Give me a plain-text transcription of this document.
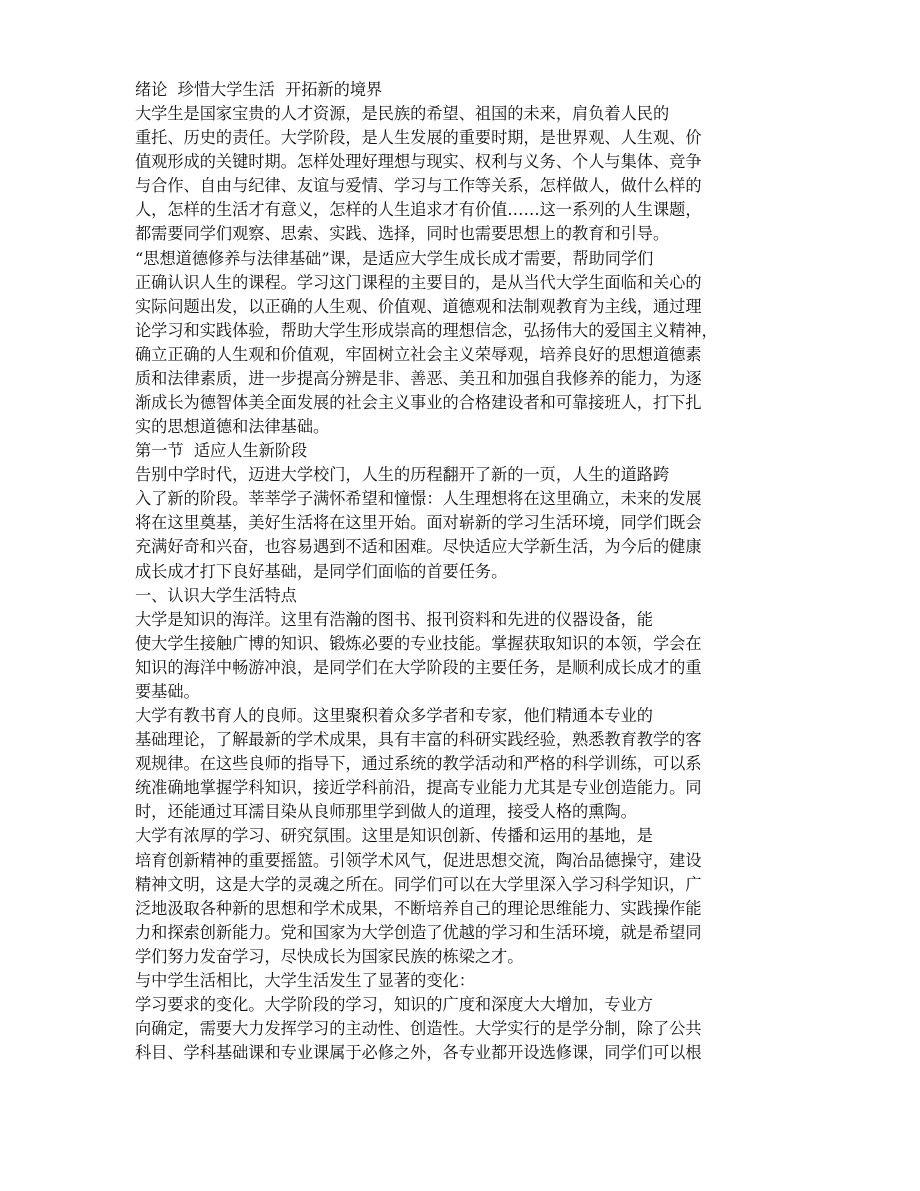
绪论  珍惜大学生活  开拓新的境界
大学生是国家宝贵的人才资源，是民族的希望、祖国的未来，肩负着人民的
重托、历史的责任。大学阶段，是人生发展的重要时期，是世界观、人生观、价
值观形成的关键时期。怎样处理好理想与现实、权利与义务、个人与集体、竞争
与合作、自由与纪律、友谊与爱情、学习与工作等关系，怎样做人，做什么样的
人，怎样的生活才有意义，怎样的人生追求才有价值……这一系列的人生课题，
都需要同学们观察、思索、实践、选择，同时也需要思想上的教育和引导。
“思想道德修养与法律基础”课，是适应大学生成长成才需要，帮助同学们
正确认识人生的课程。学习这门课程的主要目的，是从当代大学生面临和关心的
实际问题出发，以正确的人生观、价值观、道德观和法制观教育为主线，通过理
论学习和实践体验，帮助大学生形成崇高的理想信念，弘扬伟大的爱国主义精神，
确立正确的人生观和价值观，牢固树立社会主义荣辱观，培养良好的思想道德素
质和法律素质，进一步提高分辨是非、善恶、美丑和加强自我修养的能力，为逐
渐成长为德智体美全面发展的社会主义事业的合格建设者和可靠接班人，打下扎
实的思想道德和法律基础。
第一节  适应人生新阶段
告别中学时代，迈进大学校门，人生的历程翻开了新的一页，人生的道路跨
入了新的阶段。莘莘学子满怀希望和憧憬：人生理想将在这里确立，未来的发展
将在这里奠基，美好生活将在这里开始。面对崭新的学习生活环境，同学们既会
充满好奇和兴奋，也容易遇到不适和困难。尽快适应大学新生活，为今后的健康
成长成才打下良好基础，是同学们面临的首要任务。
一、认识大学生活特点
大学是知识的海洋。这里有浩瀚的图书、报刊资料和先进的仪器设备，能
使大学生接触广博的知识、锻炼必要的专业技能。掌握获取知识的本领，学会在
知识的海洋中畅游冲浪，是同学们在大学阶段的主要任务，是顺利成长成才的重
要基础。
大学有教书育人的良师。这里聚积着众多学者和专家，他们精通本专业的
基础理论，了解最新的学术成果，具有丰富的科研实践经验，熟悉教育教学的客
观规律。在这些良师的指导下，通过系统的教学活动和严格的科学训练，可以系
统准确地掌握学科知识，接近学科前沿，提高专业能力尤其是专业创造能力。同
时，还能通过耳濡目染从良师那里学到做人的道理，接受人格的熏陶。
大学有浓厚的学习、研究氛围。这里是知识创新、传播和运用的基地，是
培育创新精神的重要摇篮。引领学术风气，促进思想交流，陶冶品德操守，建设
精神文明，这是大学的灵魂之所在。同学们可以在大学里深入学习科学知识，广
泛地汲取各种新的思想和学术成果，不断培养自己的理论思维能力、实践操作能
力和探索创新能力。党和国家为大学创造了优越的学习和生活环境，就是希望同
学们努力发奋学习，尽快成长为国家民族的栋梁之才。
与中学生活相比，大学生活发生了显著的变化：
学习要求的变化。大学阶段的学习，知识的广度和深度大大增加，专业方
向确定，需要大力发挥学习的主动性、创造性。大学实行的是学分制，除了公共
科目、学科基础课和专业课属于必修之外，各专业都开设选修课，同学们可以根
